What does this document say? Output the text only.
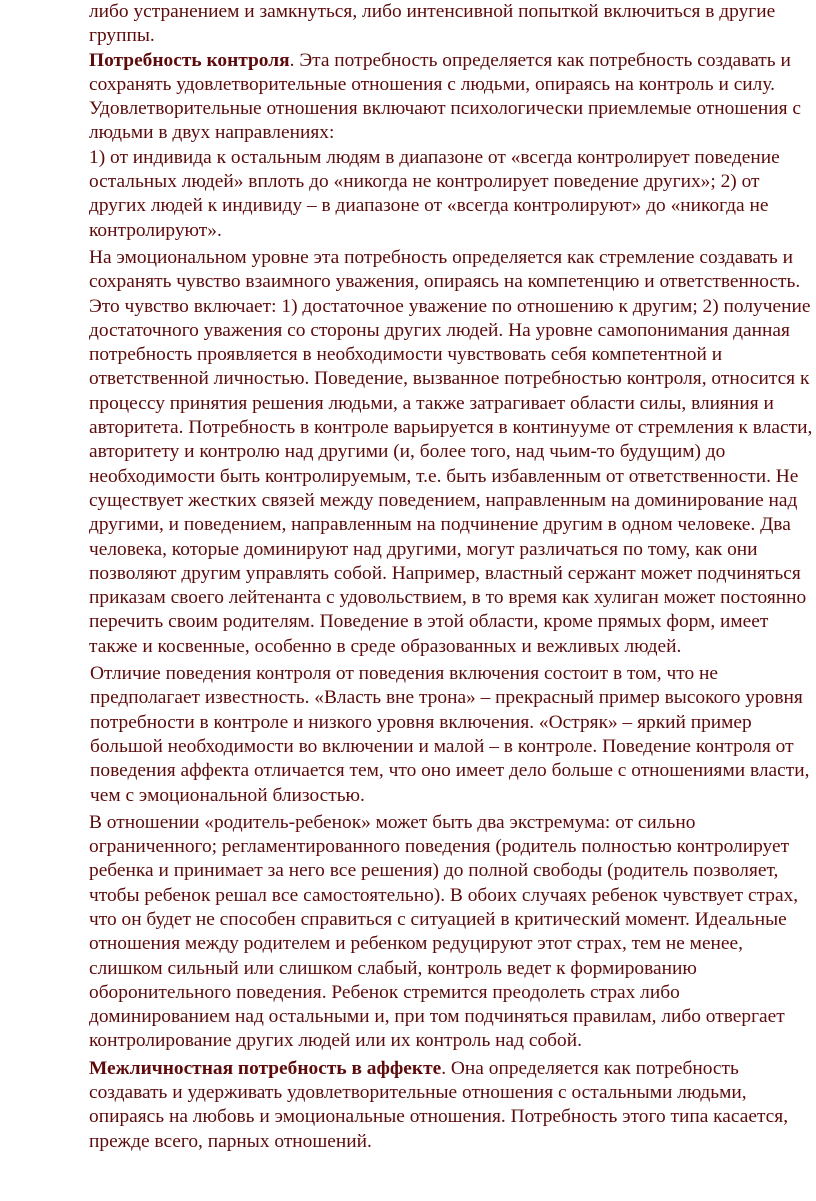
либо устранением и замкнуться, либо интенсивной попыткой включиться в другие группы.

Потребность контроля. Эта потребность определяется как потребность создавать и сохранять удовлетворительные отношения с людьми, опираясь на контроль и силу. Удовлетворительные отношения включают психологически приемлемые отношения с людьми в двух направлениях:

1) от индивида к остальным людям в диапазоне от «всегда контролирует поведение остальных людей» вплоть до «никогда не контролирует поведение других»; 2) от других людей к индивиду – в диапазоне от «всегда контролируют» до «никогда не контролируют».

На эмоциональном уровне эта потребность определяется как стремление создавать и сохранять чувство взаимного уважения, опираясь на компетенцию и ответственность. Это чувство включает: 1) достаточное уважение по отношению к другим; 2) получение достаточного уважения со стороны других людей. На уровне самопонимания данная потребность проявляется в необходимости чувствовать себя компетентной и ответственной личностью. Поведение, вызванное потребностью контроля, относится к процессу принятия решения людьми, а также затрагивает области силы, влияния и авторитета. Потребность в контроле варьируется в континууме от стремления к власти, авторитету и контролю над другими (и, более того, над чьим-то будущим) до необходимости быть контролируемым, т.е. быть избавленным от ответственности. Не существует жестких связей между поведением, направленным на доминирование над другими, и поведением, направленным на подчинение другим в одном человеке. Два человека, которые доминируют над другими, могут различаться по тому, как они позволяют другим управлять собой. Например, властный сержант может подчиняться приказам своего лейтенанта с удовольствием, в то время как хулиган может постоянно перечить своим родителям. Поведение в этой области, кроме прямых форм, имеет также и косвенные, особенно в среде образованных и вежливых людей.

Отличие поведения контроля от поведения включения состоит в том, что не предполагает известность. «Власть вне трона» – прекрасный пример высокого уровня потребности в контроле и низкого уровня включения. «Остряк» – яркий пример большой необходимости во включении и малой – в контроле. Поведение контроля от поведения аффекта отличается тем, что оно имеет дело больше с отношениями власти, чем с эмоциональной близостью.

В отношении «родитель-ребенок» может быть два экстремума: от сильно ограниченного; регламентированного поведения (родитель полностью контролирует ребенка и принимает за него все решения) до полной свободы (родитель позволяет, чтобы ребенок решал все самостоятельно). В обоих случаях ребенок чувствует страх, что он будет не способен справиться с ситуацией в критический момент. Идеальные отношения между родителем и ребенком редуцируют этот страх, тем не менее, слишком сильный или слишком слабый, контроль ведет к формированию оборонительного поведения. Ребенок стремится преодолеть страх либо доминированием над остальными и, при том подчиняться правилам, либо отвергает контролирование других людей или их контроль над собой.

Межличностная потребность в аффекте. Она определяется как потребность создавать и удерживать удовлетворительные отношения с остальными людьми, опираясь на любовь и эмоциональные отношения. Потребность этого типа касается, прежде всего, парных отношений.
